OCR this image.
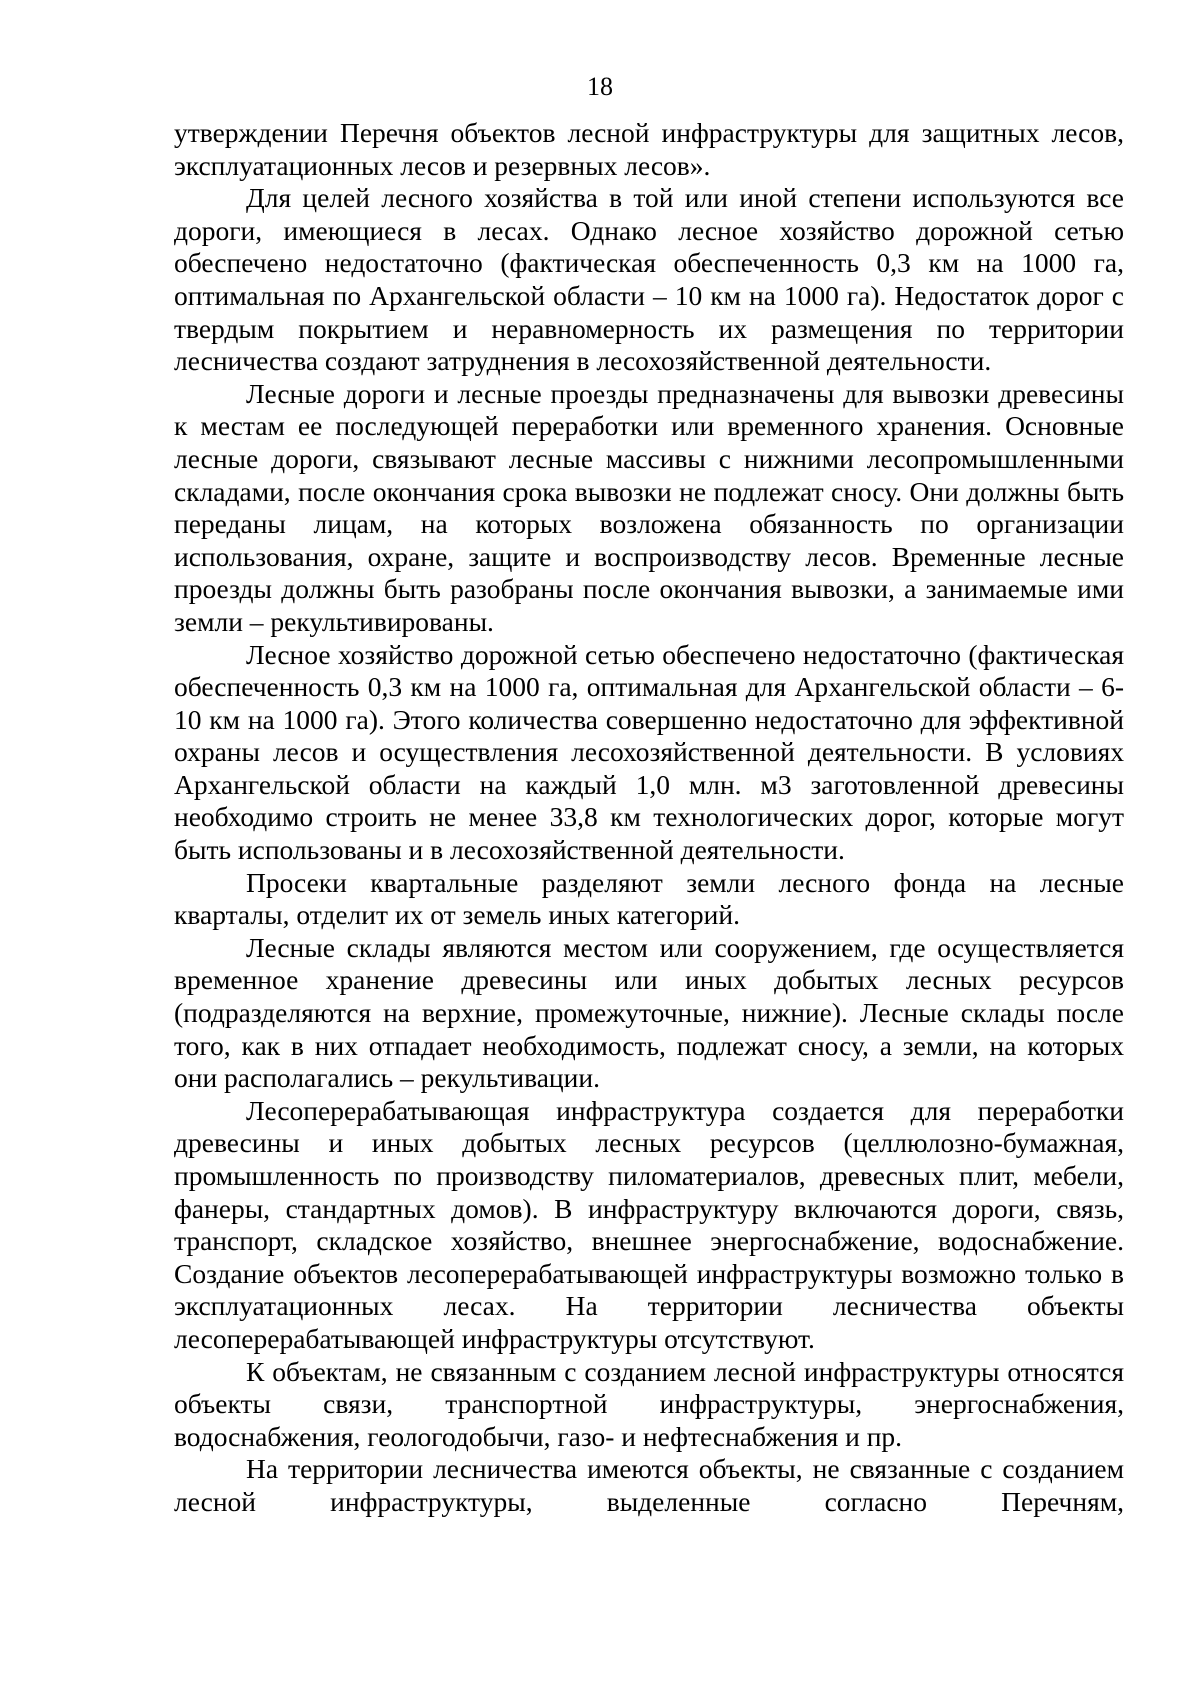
18

утверждении Перечня объектов лесной инфраструктуры для защитных лесов, эксплуатационных лесов и резервных лесов».

Для целей лесного хозяйства в той или иной степени используются все дороги, имеющиеся в лесах. Однако лесное хозяйство дорожной сетью обеспечено недостаточно (фактическая обеспеченность 0,3 км на 1000 га, оптимальная по Архангельской области – 10 км на 1000 га). Недостаток дорог с твердым покрытием и неравномерность их размещения по территории лесничества создают затруднения в лесохозяйственной деятельности.

Лесные дороги и лесные проезды предназначены для вывозки древесины к местам ее последующей переработки или временного хранения. Основные лесные дороги, связывают лесные массивы с нижними лесопромышленными складами, после окончания срока вывозки не подлежат сносу. Они должны быть переданы лицам, на которых возложена обязанность по организации использования, охране, защите и воспроизводству лесов. Временные лесные проезды должны быть разобраны после окончания вывозки, а занимаемые ими земли – рекультивированы.

Лесное хозяйство дорожной сетью обеспечено недостаточно (фактическая обеспеченность 0,3 км на 1000 га, оптимальная для Архангельской области – 6-10 км на 1000 га). Этого количества совершенно недостаточно для эффективной охраны лесов и осуществления лесохозяйственной деятельности. В условиях Архангельской области на каждый 1,0 млн. м3 заготовленной древесины необходимо строить не менее 33,8 км технологических дорог, которые могут быть использованы и в лесохозяйственной деятельности.

Просеки квартальные разделяют земли лесного фонда на лесные кварталы, отделит их от земель иных категорий.

Лесные склады являются местом или сооружением, где осуществляется временное хранение древесины или иных добытых лесных ресурсов (подразделяются на верхние, промежуточные, нижние). Лесные склады после того, как в них отпадает необходимость, подлежат сносу, а земли, на которых они располагались – рекультивации.

Лесоперерабатывающая инфраструктура создается для переработки древесины и иных добытых лесных ресурсов (целлюлозно-бумажная, промышленность по производству пиломатериалов, древесных плит, мебели, фанеры, стандартных домов). В инфраструктуру включаются дороги, связь, транспорт, складское хозяйство, внешнее энергоснабжение, водоснабжение. Создание объектов лесоперерабатывающей инфраструктуры возможно только в эксплуатационных лесах. На территории лесничества объекты лесоперерабатывающей инфраструктуры отсутствуют.

К объектам, не связанным с созданием лесной инфраструктуры относятся объекты связи, транспортной инфраструктуры, энергоснабжения, водоснабжения, геологодобычи, газо- и нефтеснабжения и пр.

На территории лесничества имеются объекты, не связанные с созданием лесной инфраструктуры, выделенные согласно Перечням,
